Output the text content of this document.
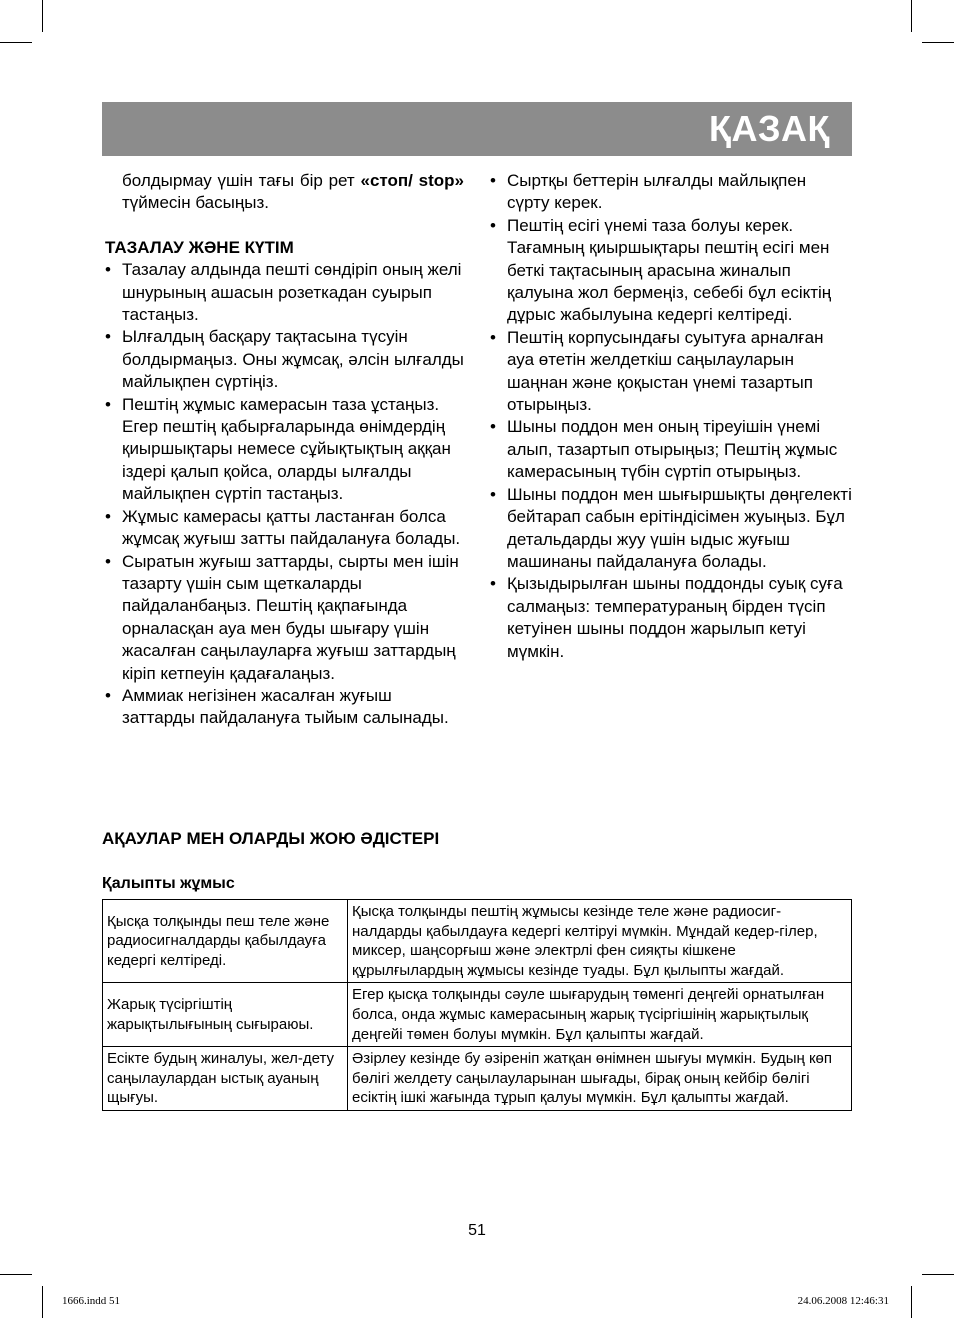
ҚАЗАҚ

болдырмау үшін тағы бір рет «стоп/ stop» түймесін басыңыз.

ТАЗАЛАУ ЖӘНЕ КҮТІМ
• Тазалау алдында пешті сөндіріп оның желі шнурының ашасын розеткадан суырып тастаңыз.
• Ылғалдың басқару тақтасына түсуін болдырмаңыз. Оны жұмсақ, әлсін ылғалды майлықпен сүртіңіз.
• Пештің жұмыс камерасын таза ұстаңыз. Егер пештің қабырғаларында өнімдердің қиыршықтары немесе сұйықтықтың аққан іздері қалып қойса, оларды ылғалды майлықпен сүртіп тастаңыз.
• Жұмыс камерасы қатты ластанған болса жұмсақ жуғыш затты пайдалануға болады.
• Сыратын жуғыш заттарды, сырты мен ішін тазарту үшін сым щеткаларды пайдаланбаңыз. Пештің қақпағында орналасқан ауа мен буды шығару үшін жасалған саңылауларға жуғыш заттардың кіріп кетпеуін қадағалаңыз.
• Аммиак негізінен жасалған жуғыш заттарды пайдалануға тыйым салынады.
• Сыртқы беттерін ылғалды майлықпен сүрту керек.
• Пештің есігі үнемі таза болуы керек. Тағамның қиыршықтары пештің есігі мен беткі тақтасының арасына жиналып қалуына жол бермеңіз, себебі бұл есіктің дұрыс жабылуына кедергі келтіреді.
• Пештің корпусындағы суытуға арналған ауа өтетін желдеткіш саңылауларын шаңнан және қоқыстан үнемі тазартып отырыңыз.
• Шыны поддон мен оның тіреуішін үнемі алып, тазартып отырыңыз; Пештің жұмыс камерасының түбін сүртіп отырыңыз.
• Шыны поддон мен шығыршықты дөңгелекті бейтарап сабын ерітіндісімен жуыңыз. Бұл детальдарды жуу үшін ыдыс жуғыш машинаны пайдалануға болады.
• Қызыдырылған шыны поддонды суық суға салмаңыз: температураның бірден түсіп кетуінен шыны поддон жарылып кетуі мүмкін.
АҚАУЛАР МЕН ОЛАРДЫ ЖОЮ ӘДІСТЕРІ
Қалыпты жұмыс
Қысқа толқынды пеш теле және радиосигналдарды қабылдауға кедергі келтіреді.	Қысқа толқынды пештің жұмысы кезінде теле және радиосиг-налдарды қабылдауға кедергі келтіруі мүмкін. Мұндай кедер-гілер, миксер, шаңсорғыш және электрлі фен сияқты кішкене құрылғылардың жұмысы кезінде туады. Бұл қылыпты жағдай.
Жарық түсіргіштің жарықтылығының сығыраюы.	Егер қысқа толқынды сәуле шығарудың төменгі деңгейі орнатылған болса, онда жұмыс камерасының жарық түсіргішінің жарықтылық деңгейі төмен болуы мүмкін. Бұл қалыпты жағдай.
Есікте будың жиналуы, жел-дету саңылаулардан ыстық ауаның щығуы.	Әзірлеу кезінде бу әзіреніп жатқан өнімнен шығуы мүмкін. Будың көп бөлігі желдету саңылауларынан шығады, бірақ оның кейбір бөлігі есіктің ішкі жағында тұрып қалуы мүмкін. Бұл қалыпты жағдай.
51
1666.indd 51	24.06.2008 12:46:31
